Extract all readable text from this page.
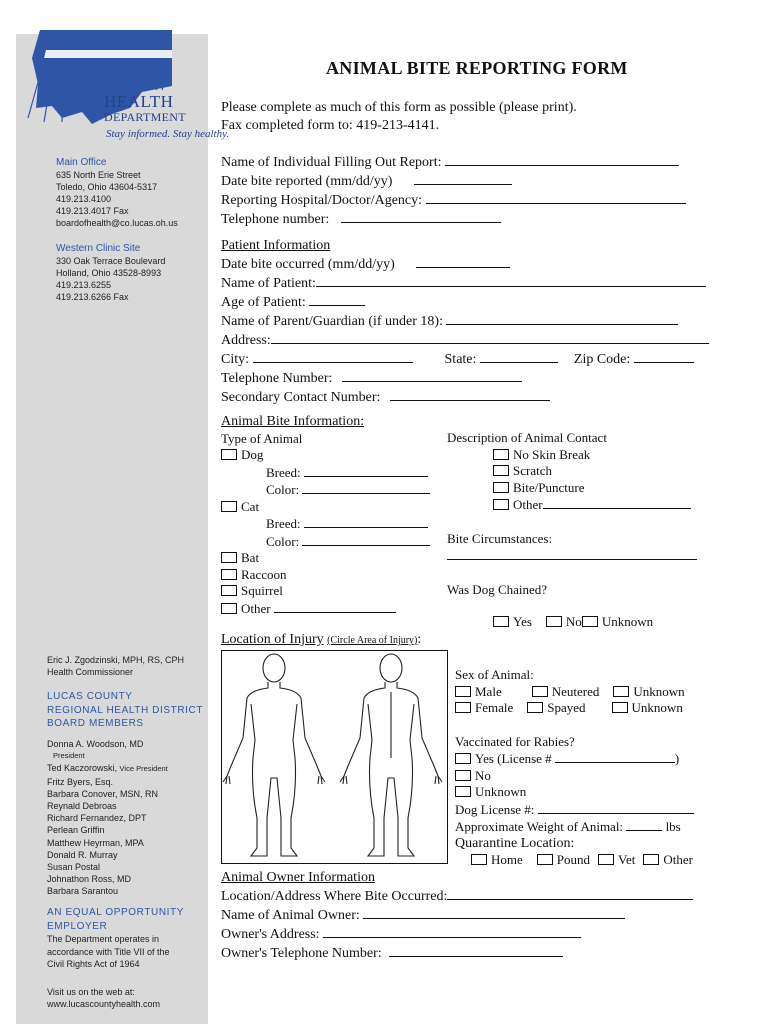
TOLEDO-LUCAS COUNTY
HEALTH
DEPARTMENT
Stay informed. Stay healthy.
Main Office
635 North Erie Street
Toledo, Ohio 43604-5317
419.213.4100
419.213.4017 Fax
boardofhealth@co.lucas.oh.us
Western Clinic Site
330 Oak Terrace Boulevard
Holland, Ohio 43528-8993
419.213.6255
419.213.6266 Fax
Eric J. Zgodzinski, MPH, RS, CPH
Health Commissioner
LUCAS COUNTY
REGIONAL HEALTH DISTRICT
BOARD MEMBERS
Donna A. Woodson, MD
President
Ted Kaczorowski, Vice President
Fritz Byers, Esq.
Barbara Conover, MSN, RN
Reynald Debroas
Richard Fernandez, DPT
Perlean Griffin
Matthew Heyrman, MPA
Donald R. Murray
Susan Postal
Johnathon Ross, MD
Barbara Sarantou
AN EQUAL OPPORTUNITY
EMPLOYER
The Department operates in
accordance with Title VII of the
Civil Rights Act of 1964
Visit us on the web at:
www.lucascountyhealth.com
ANIMAL BITE REPORTING FORM
Please complete as much of this form as possible (please print).
Fax completed form to: 419-213-4141.
Name of Individual Filling Out Report:
Date bite reported (mm/dd/yy)
Reporting Hospital/Doctor/Agency:
Telephone number:
Patient Information
Date bite occurred (mm/dd/yy)
Name of Patient:
Age of Patient:
Name of Parent/Guardian (if under 18):
Address:
City:	State:	Zip Code:
Telephone Number:
Secondary Contact Number:
Animal Bite Information:
Type of Animal
Dog
Breed:
Color:
Cat
Breed:
Color:
Bat
Raccoon
Squirrel
Other
Description of Animal Contact
No Skin Break
Scratch
Bite/Puncture
Other
Bite Circumstances:
Was Dog Chained?
Yes	No Unknown
Location of Injury (Circle Area of Injury):
Sex of Animal:
Male	Neutered	Unknown
Female	Spayed	Unknown
Vaccinated for Rabies?
Yes (License #	)
No
Unknown
Dog License #:
Approximate Weight of Animal:	lbs
Quarantine Location:
Home	Pound Vet Other
Animal Owner Information
Location/Address Where Bite Occurred:
Name of Animal Owner:
Owner's Address:
Owner's Telephone Number:
